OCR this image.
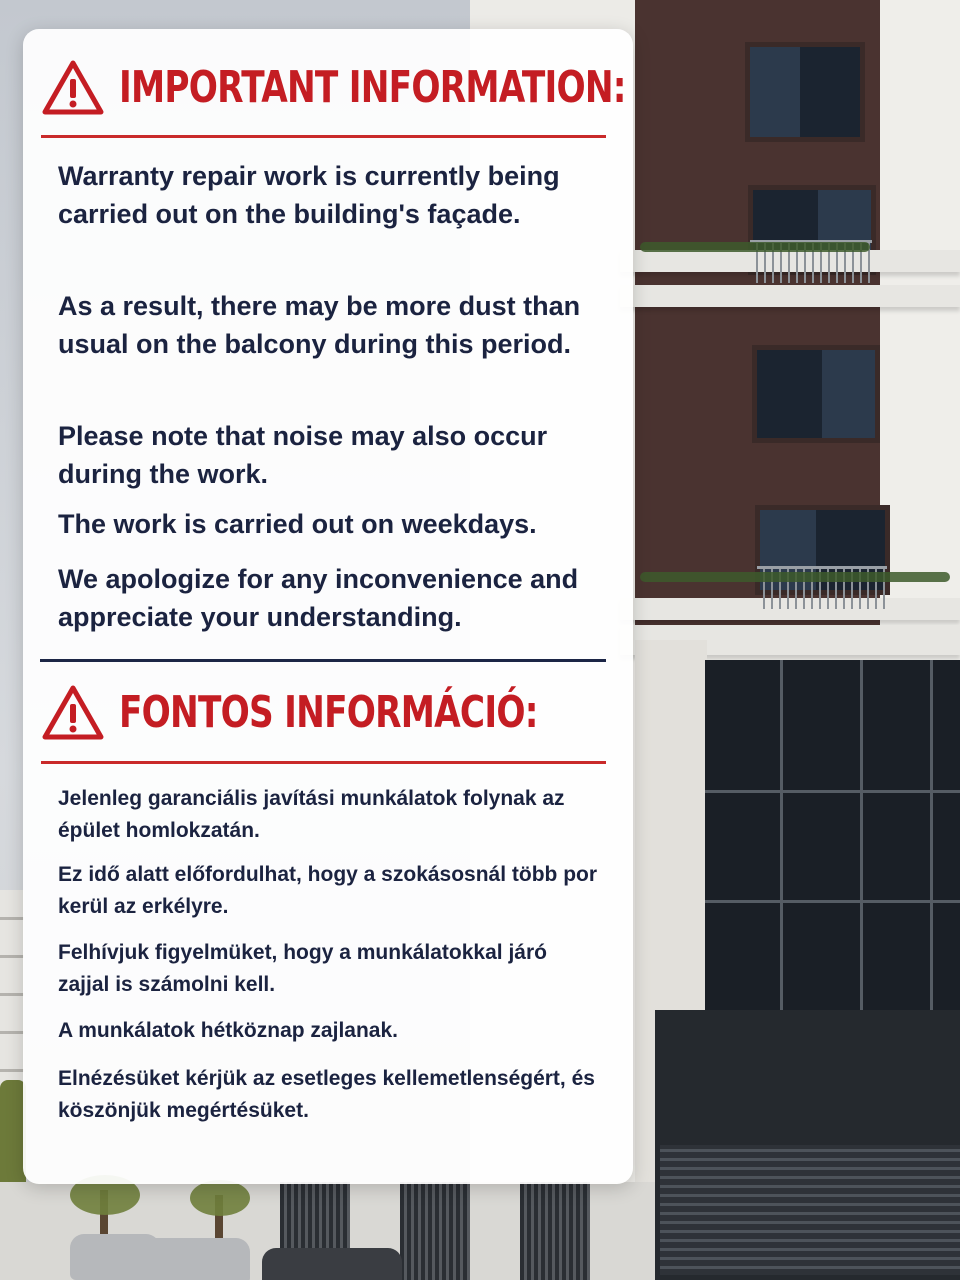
IMPORTANT INFORMATION:

Warranty repair work is currently being carried out on the building's façade.

As a result, there may be more dust than usual on the balcony during this period.

Please note that noise may also occur during the work.

The work is carried out on weekdays.

We apologize for any inconvenience and appreciate your understanding.

FONTOS INFORMÁCIÓ:

Jelenleg garanciális javítási munkálatok folynak az épület homlokzatán.

Ez idő alatt előfordulhat, hogy a szokásosnál több por kerül az erkélyre.

Felhívjuk figyelmüket, hogy a munkálatokkal járó zajjal is számolni kell.

A munkálatok hétköznap zajlanak.

Elnézésüket kérjük az esetleges kellemetlenségért, és köszönjük megértésüket.
